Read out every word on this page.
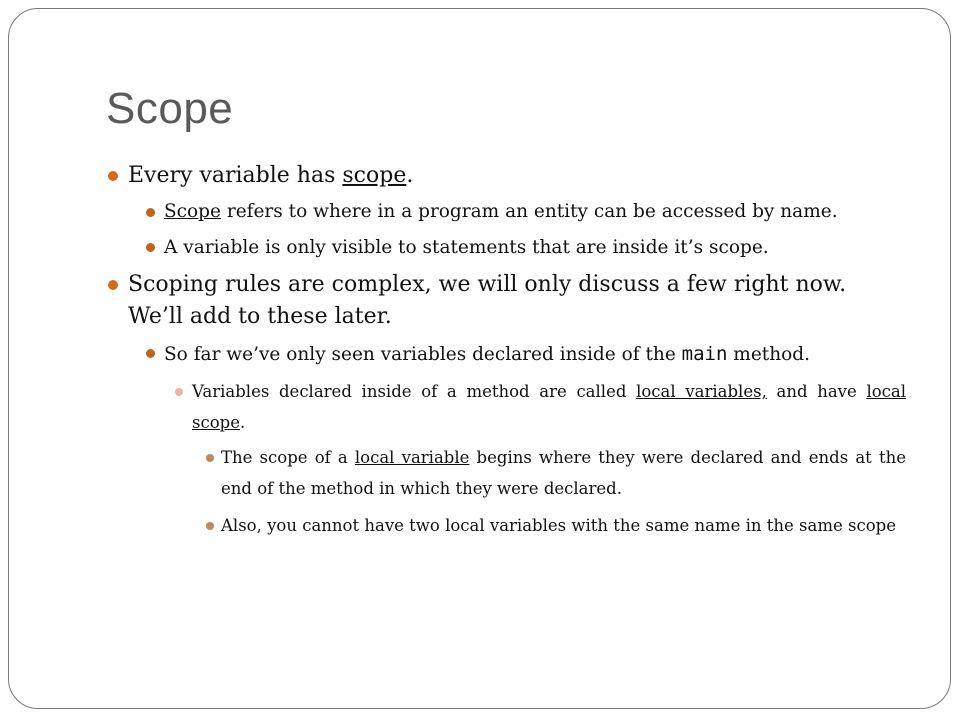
Scope
Every variable has scope.
Scope refers to where in a program an entity can be accessed by name.
A variable is only visible to statements that are inside it’s scope.
Scoping rules are complex, we will only discuss a few right now. We’ll add to these later.
So far we’ve only seen variables declared inside of the main method.
Variables declared inside of a method are called local variables, and have local scope.
The scope of a local variable begins where they were declared and ends at the end of the method in which they were declared.
Also, you cannot have two local variables with the same name in the same scope
